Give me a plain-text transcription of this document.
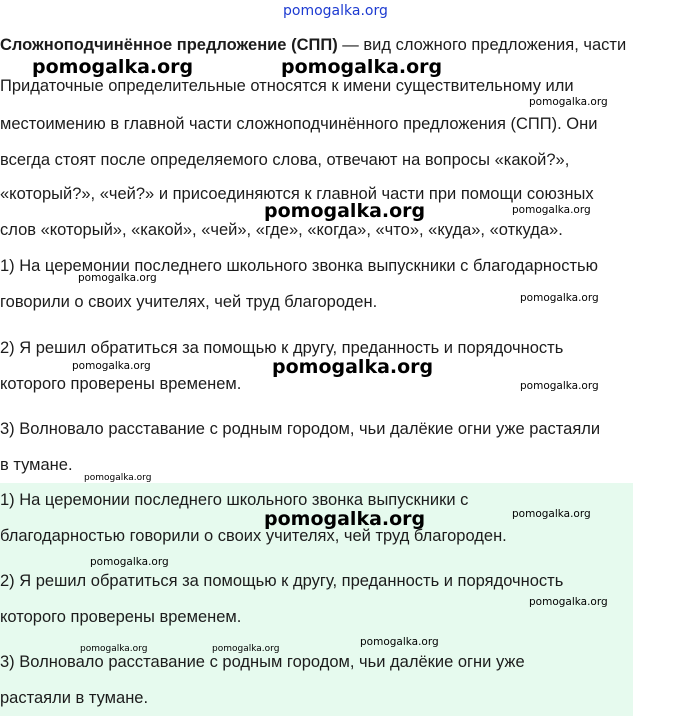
pomogalka.org
Сложноподчинённое предложение (СПП) — вид сложного предложения, части
Придаточные определительные относятся к имени существительному или
местоимению в главной части сложноподчинённого предложения (СПП). Они
всегда стоят после определяемого слова, отвечают на вопросы «какой?»,
«который?», «чей?» и присоединяются к главной части при помощи союзных
слов «который», «какой», «чей», «где», «когда», «что», «куда», «откуда».
1) На церемонии последнего школьного звонка выпускники с благодарностью
говорили о своих учителях, чей труд благороден.
2) Я решил обратиться за помощью к другу, преданность и порядочность
которого проверены временем.
3) Волновало расставание с родным городом, чьи далёкие огни уже растаяли
в тумане.
1) На церемонии последнего школьного звонка выпускники с
благодарностью говорили о своих учителях, чей труд благороден.
2) Я решил обратиться за помощью к другу, преданность и порядочность
которого проверены временем.
3) Волновало расставание с родным городом, чьи далёкие огни уже
растаяли в тумане.
pomogalka.org	pomogalka.org
pomogalka.org
pomogalka.org	pomogalka.org
pomogalka.org
pomogalka.org
pomogalka.org	pomogalka.org
pomogalka.org
pomogalka.org
pomogalka.org	pomogalka.org
pomogalka.org
pomogalka.org
pomogalka.org	pomogalka.org
pomogalka.org
